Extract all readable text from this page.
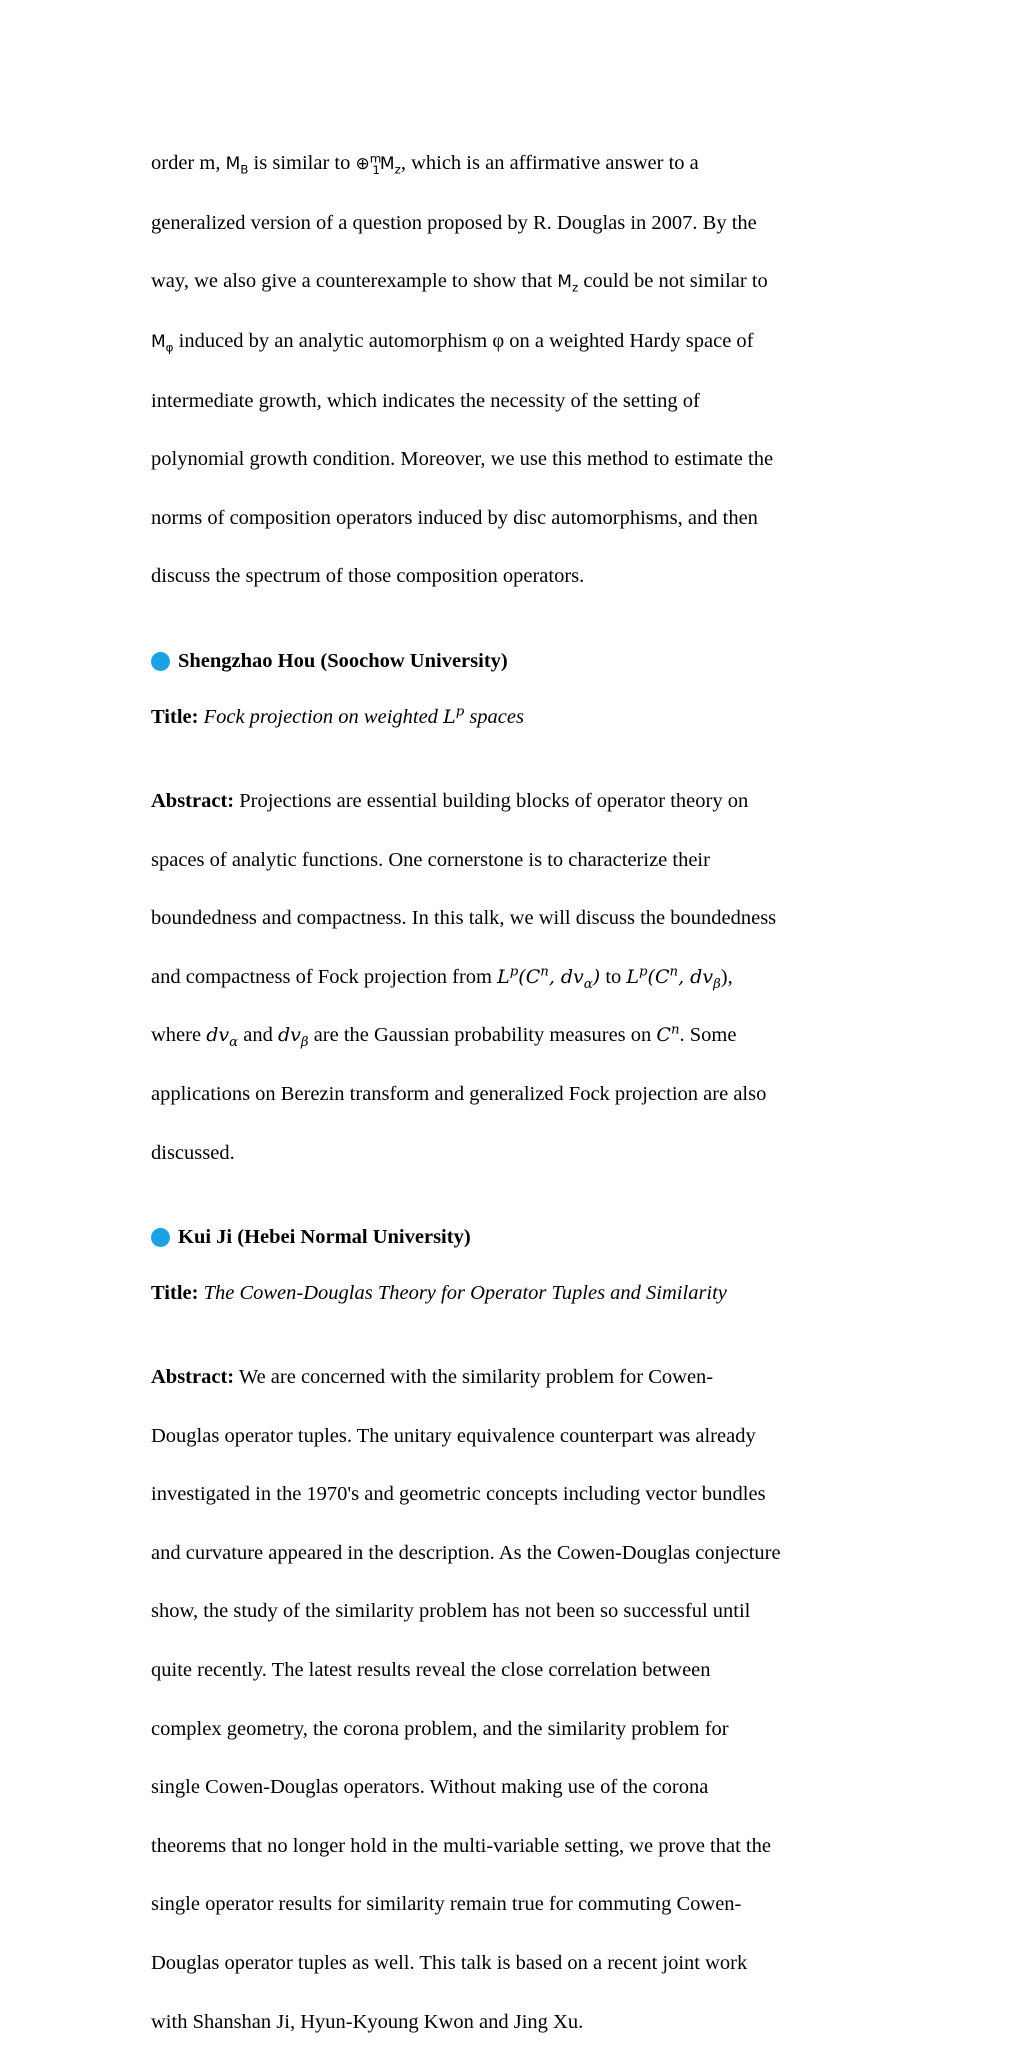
order m, $M_B$ is similar to $\oplus^m_1M_z$, which is an affirmative answer to a

generalized version of a question proposed by R. Douglas in 2007. By the

way, we also give a counterexample to show that $M_z$ could be not similar to

$M_\varphi$ induced by an analytic automorphism φ on a weighted Hardy space of

intermediate growth, which indicates the necessity of the setting of

polynomial growth condition. Moreover, we use this method to estimate the

norms of composition operators induced by disc automorphisms, and then

discuss the spectrum of those composition operators.

Shengzhao Hou (Soochow University)
Title: Fock projection on weighted $L^p$ spaces

Abstract: Projections are essential building blocks of operator theory on

spaces of analytic functions. One cornerstone is to characterize their

boundedness and compactness. In this talk, we will discuss the boundedness

and compactness of Fock projection from $L^p(C^n$, $dv_\alpha$) to $L^p(C^n$, $dv_\beta$),

where $dv_\alpha$ and $dv_\beta$ are the Gaussian probability measures on $C^n$. Some

applications on Berezin transform and generalized Fock projection are also

discussed.

Kui Ji (Hebei Normal University)
Title: The Cowen-Douglas Theory for Operator Tuples and Similarity

Abstract: We are concerned with the similarity problem for Cowen-

Douglas operator tuples. The unitary equivalence counterpart was already

investigated in the 1970's and geometric concepts including vector bundles

and curvature appeared in the description. As the Cowen-Douglas conjecture

show, the study of the similarity problem has not been so successful until

quite recently. The latest results reveal the close correlation between

complex geometry, the corona problem, and the similarity problem for

single Cowen-Douglas operators. Without making use of the corona

theorems that no longer hold in the multi-variable setting, we prove that the

single operator results for similarity remain true for commuting Cowen-

Douglas operator tuples as well. This talk is based on a recent joint work

with Shanshan Ji, Hyun-Kyoung Kwon and Jing Xu.
